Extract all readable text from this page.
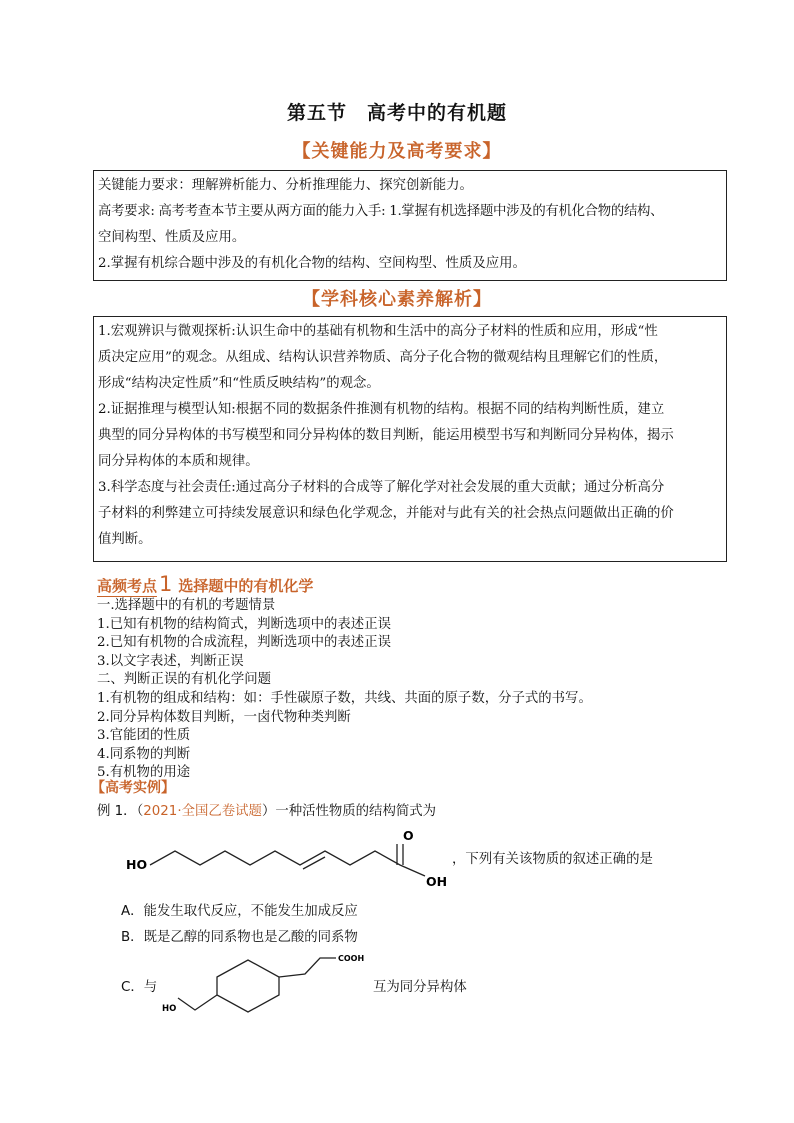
第五节　高考中的有机题
【关键能力及高考要求】

关键能力要求：理解辨析能力、分析推理能力、探究创新能力。

高考要求: 高考考查本节主要从两方面的能力入手: 1.掌握有机选择题中涉及的有机化合物的结构、

空间构型、性质及应用。

2.掌握有机综合题中涉及的有机化合物的结构、空间构型、性质及应用。

【学科核心素养解析】

1.宏观辨识与微观探析:认识生命中的基础有机物和生活中的高分子材料的性质和应用，形成“性

质决定应用”的观念。从组成、结构认识营养物质、高分子化合物的微观结构且理解它们的性质，

形成“结构决定性质”和“性质反映结构”的观念。

2.证据推理与模型认知:根据不同的数据条件推测有机物的结构。根据不同的结构判断性质，建立

典型的同分异构体的书写模型和同分异构体的数目判断，能运用模型书写和判断同分异构体，揭示

同分异构体的本质和规律。

3.科学态度与社会责任:通过高分子材料的合成等了解化学对社会发展的重大贡献；通过分析高分

子材料的利弊建立可持续发展意识和绿色化学观念，并能对与此有关的社会热点问题做出正确的价

值判断。

高频考点 1 选择题中的有机化学
一.选择题中的有机的考题情景
1.已知有机物的结构简式，判断选项中的表述正误
2.已知有机物的合成流程，判断选项中的表述正误
3.以文字表述，判断正误
二、判断正误的有机化学问题
1.有机物的组成和结构：如：手性碳原子数，共线、共面的原子数，分子式的书写。
2.同分异构体数目判断，一卤代物种类判断
3.官能团的性质
4.同系物的判断
5.有机物的用途
【高考实例】
例 1．（2021·全国乙卷试题）一种活性物质的结构简式为
HO
O
OH
，下列有关该物质的叙述正确的是
A．能发生取代反应，不能发生加成反应
B．既是乙醇的同系物也是乙酸的同系物
C．与
COOH
HO
互为同分异构体
